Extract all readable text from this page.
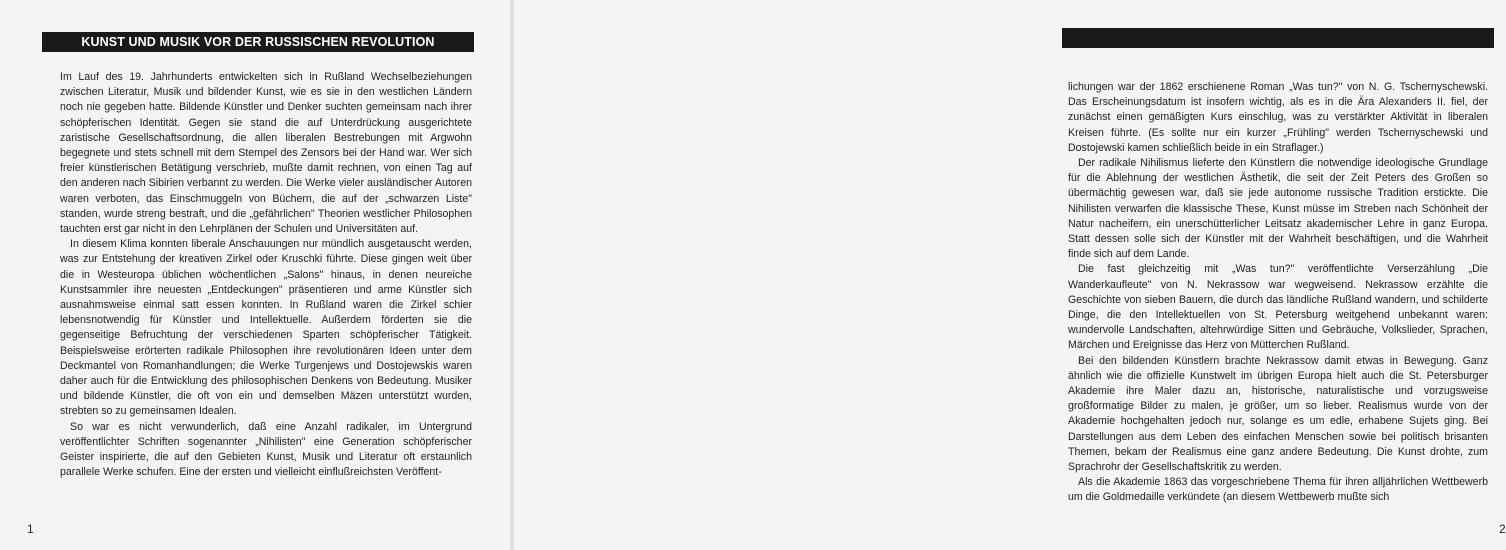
KUNST UND MUSIK VOR DER RUSSISCHEN REVOLUTION

Im Lauf des 19. Jahrhunderts entwickelten sich in Rußland Wechselbeziehungen zwischen Literatur, Musik und bildender Kunst, wie es sie in den westlichen Ländern noch nie gegeben hatte. Bildende Künstler und Denker suchten gemeinsam nach ihrer schöpferischen Identität. Gegen sie stand die auf Unterdrückung ausgerichtete zaristische Gesellschaftsordnung, die allen liberalen Bestrebungen mit Argwohn begegnete und stets schnell mit dem Stempel des Zensors bei der Hand war. Wer sich freier künstlerischen Betätigung verschrieb, mußte damit rechnen, von einen Tag auf den anderen nach Sibirien verbannt zu werden. Die Werke vieler ausländischer Autoren waren verboten, das Einschmuggeln von Büchern, die auf der „schwarzen Liste" standen, wurde streng bestraft, und die „gefährlichen" Theorien westlicher Philosophen tauchten erst gar nicht in den Lehrplänen der Schulen und Universitäten auf.

In diesem Klima konnten liberale Anschauungen nur mündlich ausgetauscht werden, was zur Entstehung der kreativen Zirkel oder Kruschki führte. Diese gingen weit über die in Westeuropa üblichen wöchentlichen „Salons" hinaus, in denen neureiche Kunstsammler ihre neuesten „Entdeckungen" präsentieren und arme Künstler sich ausnahmsweise einmal satt essen konnten. In Rußland waren die Zirkel schier lebensnotwendig für Künstler und Intellektuelle. Außerdem förderten sie die gegenseitige Befruchtung der verschiedenen Sparten schöpferischer Tätigkeit. Beispielsweise erörterten radikale Philosophen ihre revolutionären Ideen unter dem Deckmantel von Romanhandlungen; die Werke Turgenjews und Dostojewskis waren daher auch für die Entwicklung des philosophischen Denkens von Bedeutung. Musiker und bildende Künstler, die oft von ein und demselben Mäzen unterstützt wurden, strebten so zu gemeinsamen Idealen.

So war es nicht verwunderlich, daß eine Anzahl radikaler, im Untergrund veröffentlichter Schriften sogenannter „Nihilisten" eine Generation schöpferischer Geister inspirierte, die auf den Gebieten Kunst, Musik und Literatur oft erstaunlich parallele Werke schufen. Eine der ersten und vielleicht einflußreichsten Veröffent-

1

lichungen war der 1862 erschienene Roman „Was tun?" von N. G. Tschernyschewski. Das Erscheinungsdatum ist insofern wichtig, als es in die Ära Alexanders II. fiel, der zunächst einen gemäßigten Kurs einschlug, was zu verstärkter Aktivität in liberalen Kreisen führte. (Es sollte nur ein kurzer „Frühling" werden Tschernyschewski und Dostojewski kamen schließlich beide in ein Straflager.)

Der radikale Nihilismus lieferte den Künstlern die notwendige ideologische Grundlage für die Ablehnung der westlichen Ästhetik, die seit der Zeit Peters des Großen so übermächtig gewesen war, daß sie jede autonome russische Tradition erstickte. Die Nihilisten verwarfen die klassische These, Kunst müsse im Streben nach Schönheit der Natur nacheifern, ein unerschütterlicher Leitsatz akademischer Lehre in ganz Europa. Statt dessen solle sich der Künstler mit der Wahrheit beschäftigen, und die Wahrheit finde sich auf dem Lande.

Die fast gleichzeitig mit „Was tun?" veröffentlichte Verserzählung „Die Wanderkaufleute" von N. Nekrassow war wegweisend. Nekrassow erzählte die Geschichte von sieben Bauern, die durch das ländliche Rußland wandern, und schilderte Dinge, die den Intellektuellen von St. Petersburg weitgehend unbekannt waren: wundervolle Landschaften, altehrwürdige Sitten und Gebräuche, Volkslieder, Sprachen, Märchen und Ereignisse das Herz von Mütterchen Rußland.

Bei den bildenden Künstlern brachte Nekrassow damit etwas in Bewegung. Ganz ähnlich wie die offizielle Kunstwelt im übrigen Europa hielt auch die St. Petersburger Akademie ihre Maler dazu an, historische, naturalistische und vorzugsweise großformatige Bilder zu malen, je größer, um so lieber. Realismus wurde von der Akademie hochgehalten jedoch nur, solange es um edle, erhabene Sujets ging. Bei Darstellungen aus dem Leben des einfachen Menschen sowie bei politisch brisanten Themen, bekam der Realismus eine ganz andere Bedeutung. Die Kunst drohte, zum Sprachrohr der Gesellschaftskritik zu werden.

Als die Akademie 1863 das vorgeschriebene Thema für ihren alljährlichen Wettbewerb um die Goldmedaille verkündete (an diesem Wettbewerb mußte sich

2
